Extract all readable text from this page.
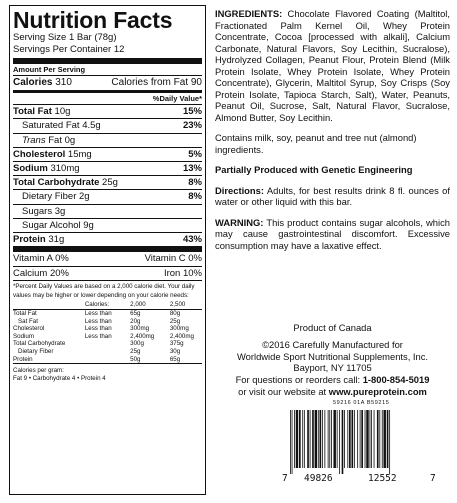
Nutrition Facts
Serving Size 1 Bar (78g)
Servings Per Container 12
Amount Per Serving
Calories 310	Calories from Fat 90
%Daily Value*
Total Fat 10g	15%
Saturated Fat 4.5g	23%
Trans Fat 0g
Cholesterol 15mg	5%
Sodium 310mg	13%
Total Carbohydrate 25g	8%
Dietary Fiber 2g	8%
Sugars 3g
Sugar Alcohol 9g
Protein 31g	43%
Vitamin A 0%	Vitamin C 0%
Calcium 20%	Iron 10%
*Percent Daily Values are based on a 2,000 calorie diet. Your daily values may be higher or lower depending on your calorie needs:
	Calories:	2,000	2,500
Total Fat	Less than	65g	80g
Sat Fat	Less than	20g	25g
Cholesterol	Less than	300mg	300mg
Sodium	Less than	2,400mg	2,400mg
Total Carbohydrate		300g	375g
Dietary Fiber		25g	30g
Protein		50g	65g
Calories per gram:
Fat 9 • Carbohydrate 4 • Protein 4
INGREDIENTS: Chocolate Flavored Coating (Maltitol, Fractionated Palm Kernel Oil, Whey Protein Concentrate, Cocoa [processed with alkali], Calcium Carbonate, Natural Flavors, Soy Lecithin, Sucralose), Hydrolyzed Collagen, Peanut Flour, Protein Blend (Milk Protein Isolate, Whey Protein Isolate, Whey Protein Concentrate), Glycerin, Maltitol Syrup, Soy Crisps (Soy Protein Isolate, Tapioca Starch, Salt), Water, Peanuts, Peanut Oil, Sucrose, Salt, Natural Flavor, Sucralose, Almond Butter, Soy Lecithin.
Contains milk, soy, peanut and tree nut (almond) ingredients.
Partially Produced with Genetic Engineering
Directions: Adults, for best results drink 8 fl. ounces of water or other liquid with this bar.
WARNING: This product contains sugar alcohols, which may cause gastrointestinal discomfort. Excessive consumption may have a laxative effect.
Product of Canada
©2016 Carefully Manufactured for
Worldwide Sport Nutritional Supplements, Inc.
Bayport, NY 11705
For questions or reorders call: 1-800-854-5019
or visit our website at www.pureprotein.com
59216 01A B59215
7 49826	12552	7
